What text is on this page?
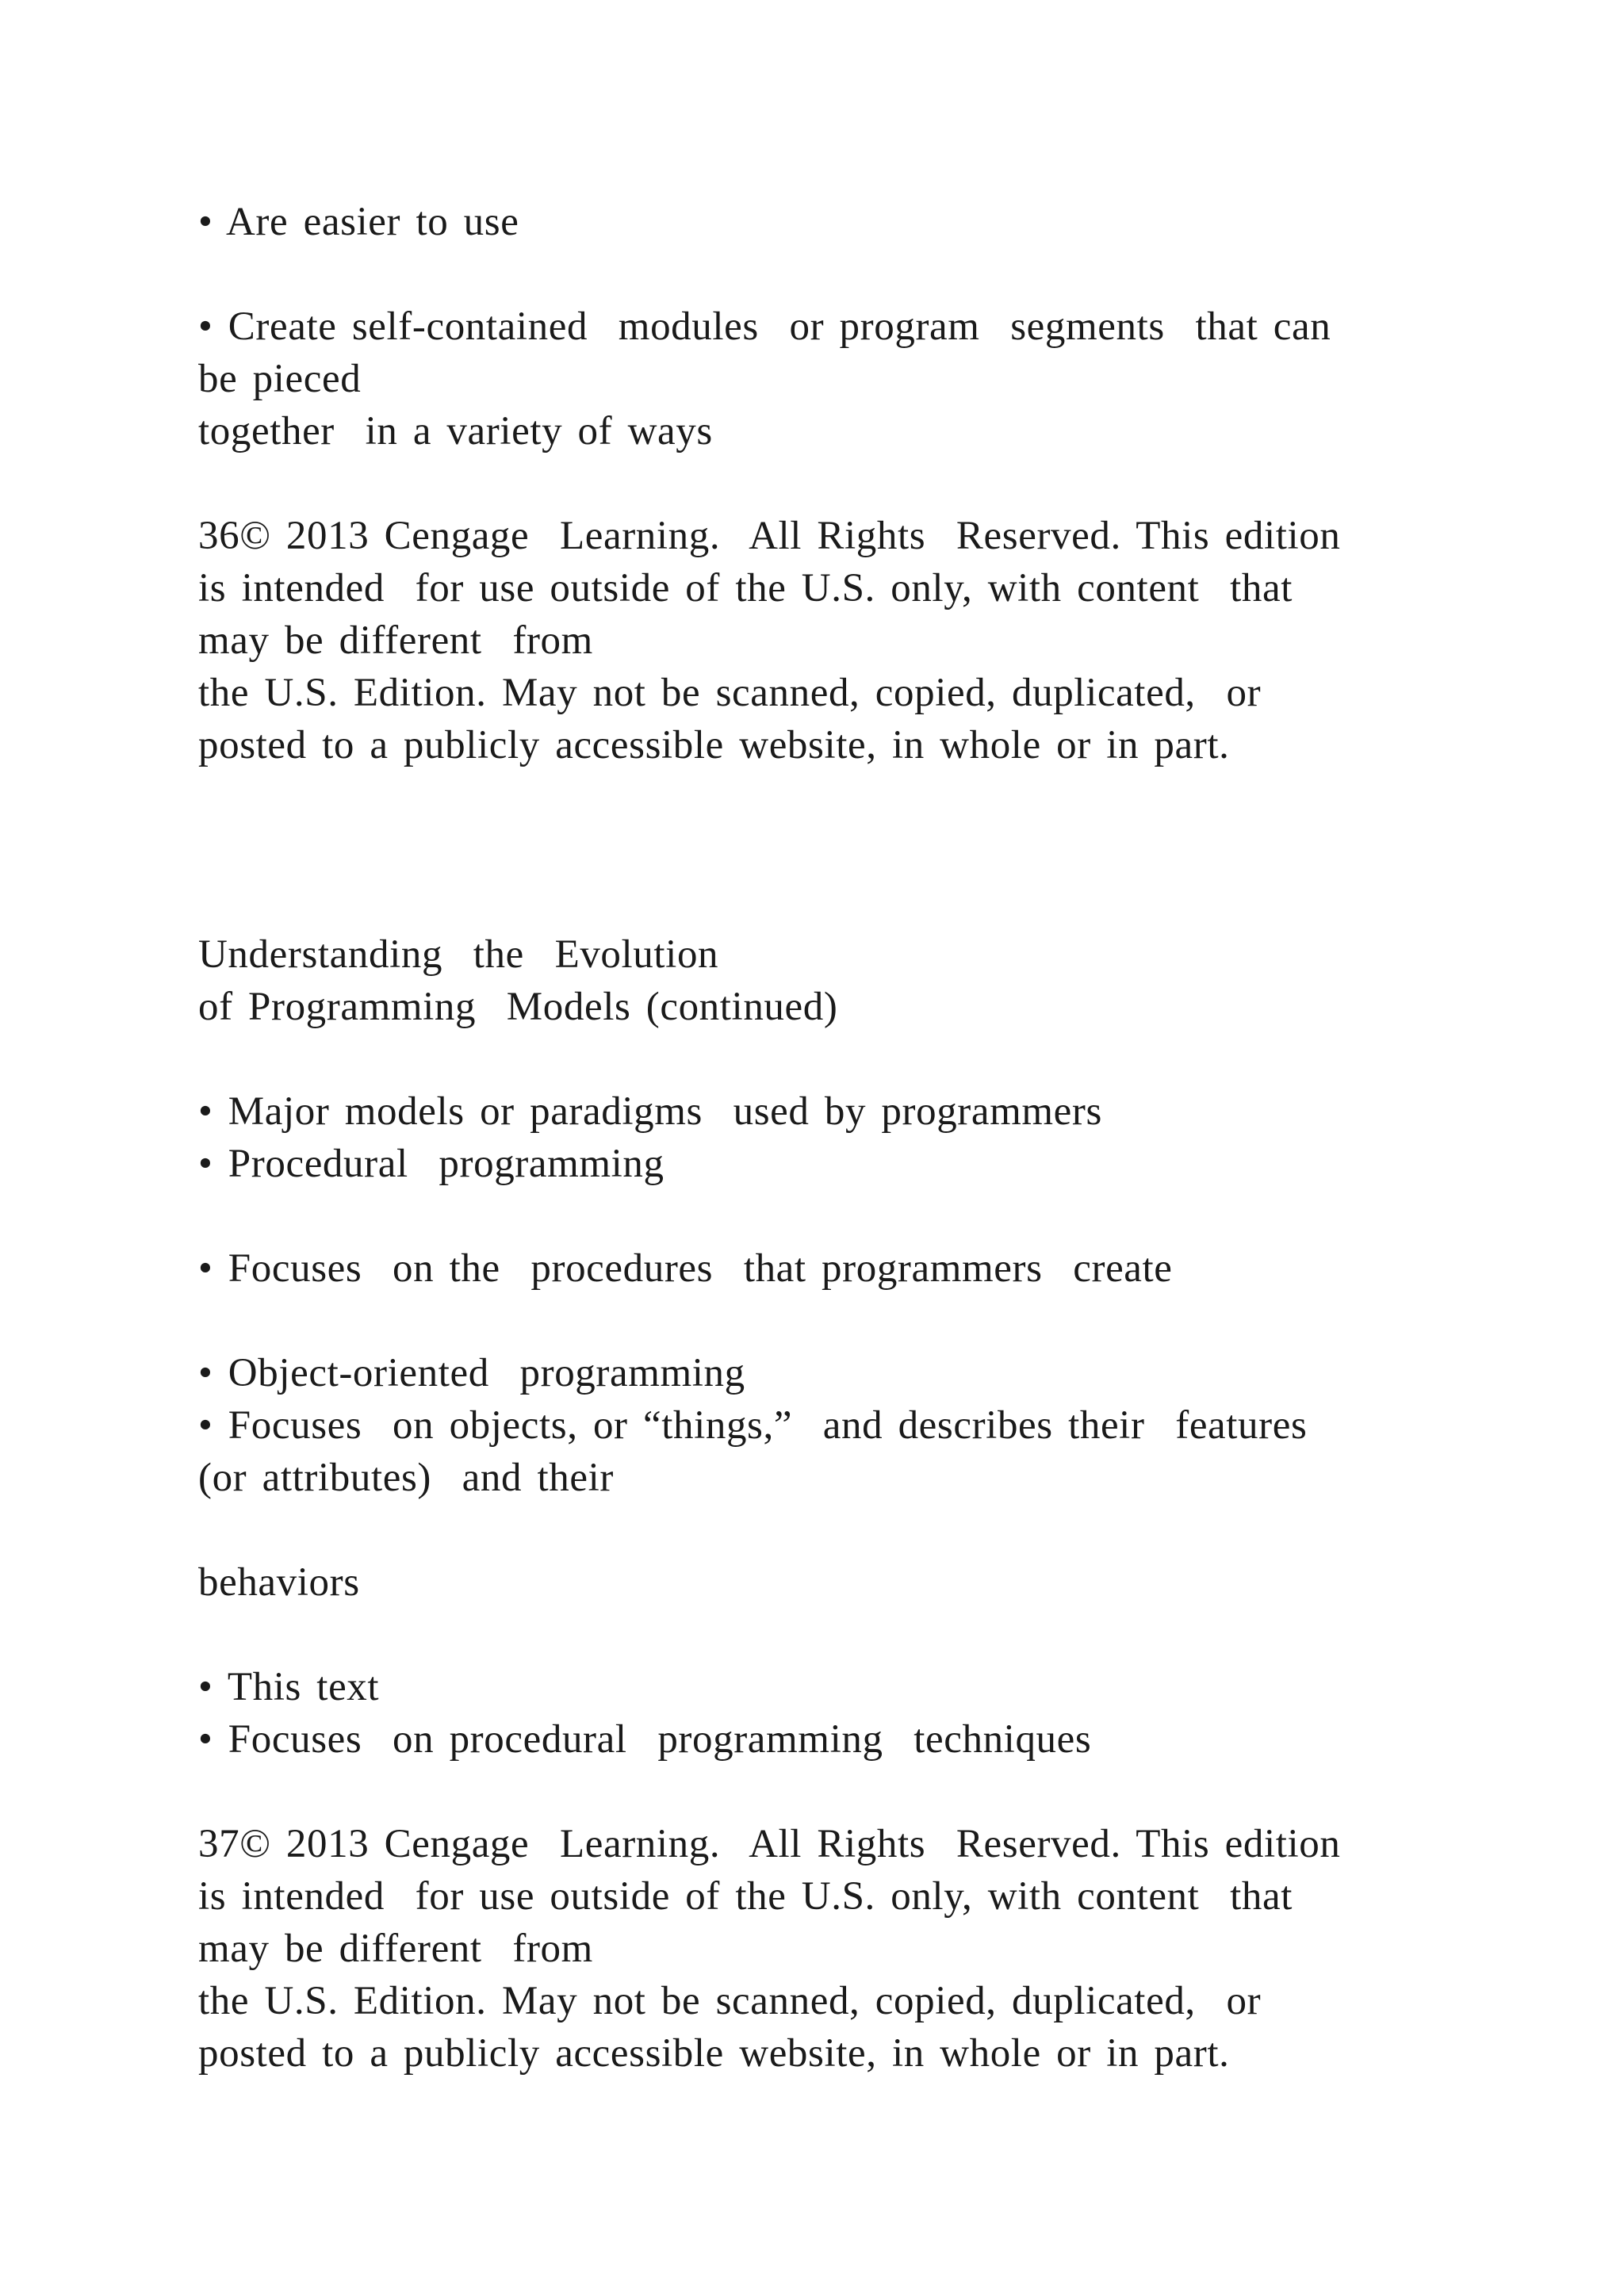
• Are easier to use

• Create self-contained  modules  or program  segments  that can

be pieced

together  in a variety of ways

36© 2013 Cengage  Learning.  All Rights  Reserved. This edition

is intended  for use outside of the U.S. only, with content  that

may be different  from

the U.S. Edition. May not be scanned, copied, duplicated,  or

posted to a publicly accessible website, in whole or in part.

Understanding  the  Evolution

of Programming  Models (continued)

• Major models or paradigms  used by programmers

• Procedural  programming

• Focuses  on the  procedures  that programmers  create

• Object-oriented  programming

• Focuses  on objects, or “things,”  and describes their  features

(or attributes)  and their

behaviors

• This text

• Focuses  on procedural  programming  techniques

37© 2013 Cengage  Learning.  All Rights  Reserved. This edition

is intended  for use outside of the U.S. only, with content  that

may be different  from

the U.S. Edition. May not be scanned, copied, duplicated,  or

posted to a publicly accessible website, in whole or in part.
